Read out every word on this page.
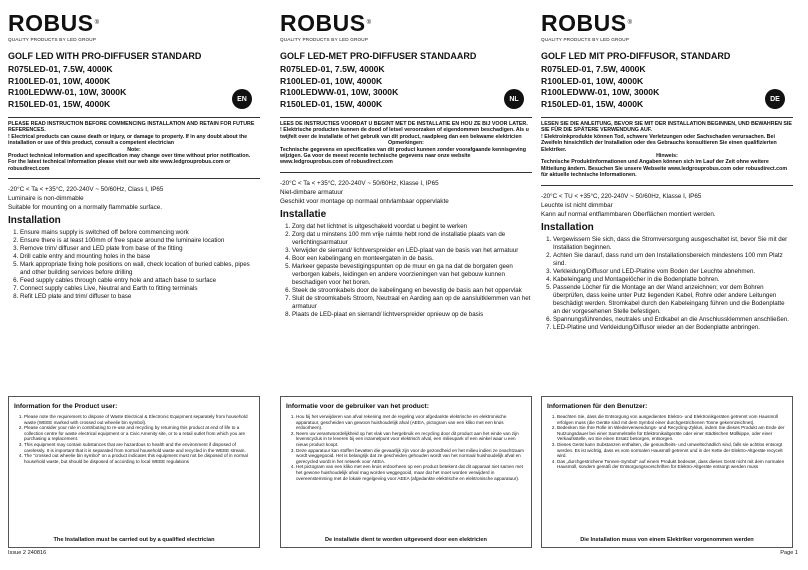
ROBUS®
QUALITY PRODUCTS BY LED GROUP
GOLF LED WITH PRO-DIFFUSER STANDARD
R075LED-01, 7.5W, 4000K
R100LED-01, 10W, 4000K
R100LEDWW-01, 10W, 3000K
R150LED-01, 15W, 4000K	EN
PLEASE READ INSTRUCTION BEFORE COMMENCING INSTALLATION AND RETAIN FOR FUTURE REFERENCES.
! Electrical products can cause death or injury, or damage to property. If in any doubt about the installation or use of this product, consult a competent electrician
Note:
Product technical information and specification may change over time without prior notification. For the latest technical information please visit our web site www.ledgrouprobus.com or robusdirect.com
-20°C < Ta < +35°C, 220-240V ~ 50/60Hz, Class I, IP65
Luminaire is non-dimmable
Suitable for mounting on a normally flammable surface.
Installation
1. Ensure mains supply is switched off before commencing work
2. Ensure there is at least 100mm of free space around the luminaire location
3. Remove trim/ diffuser and LED plate from base of the fitting
4. Drill cable entry and mounting holes in the base
5. Mark appropriate fixing hole positions on wall, check location of buried cables, pipes and other building services before drilling
6. Feed supply cables through cable entry hole and attach base to surface
7. Connect supply cables Live, Neutral and Earth to fitting terminals
8. Refit LED plate and trim/ diffuser to base
ROBUS®
QUALITY PRODUCTS BY LED GROUP
GOLF LED-MET PRO-DIFFUSER STANDAARD
R075LED-01, 7.5W, 4000K
R100LED-01, 10W, 4000K
R100LEDWW-01, 10W, 3000K
R150LED-01, 15W, 4000K	NL
LEES DE INSTRUCTIES VOORDAT U BEGINT MET DE INSTALLATIE EN HOU ZE BIJ VOOR LATER.
! Elektrische producten kunnen de dood of letsel veroorzaken of eigendommen beschadigen. Als u twijfelt over de installatie of het gebruik van dit product, raadpleeg dan een bekwame elektricien
Opmerkingen:
Technische gegevens en specificaties van dit product kunnen zonder voorafgaande kennisgeving wijzigen. Ga voor de meest recente technische gegevens naar onze website www.ledgrouprobus.com of robusdirect.com
-20°C < Ta < +35°C, 220-240V ~ 50/60Hz, Klasse I, IP65
Niet-dimbare armatuur
Geschikt voor montage op normaal ontvlambaar oppervlakte
Installatie
1. Zorg dat het lichtnet is uitgeschakeld voordat u begint te werken
2. Zorg dat u minstens 100 mm vrije ruimte hebt rond de installatie plaats van de verlichtingsarmatuur
3. Verwijder de sierrand/ lichtverspreider en LED-plaat van de basis van het armatuur
4. Boor een kabelingang en monteergaten in de basis.
5. Markeer gepaste bevestigingspunten op de muur en ga na dat de borgaten geen verborgen kabels, leidingen en andere voorzieningen van het gebouw kunnen beschadigen voor het boren.
6. Steek de stroomkabels door de kabelingang en bevestig de basis aan het oppervlak
7. Sluit de stroomkabels Stroom, Neutraal en Aarding aan op de aansluitklemmen van het armatuur
8. Plaats de LED-plaat en sierrand/ lichtverspreider opnieuw op de basis
ROBUS®
QUALITY PRODUCTS BY LED GROUP
GOLF LED MIT PRO-DIFFUSOR, STANDARD
R075LED-01, 7.5W, 4000K
R100LED-01, 10W, 4000K
R100LEDWW-01, 10W, 3000K
R150LED-01, 15W, 4000K	DE
LESEN SIE DIE ANLEITUNG, BEVOR SIE MIT DER INSTALLATION BEGINNEN, UND BEWAHREN SIE SIE FÜR DIE SPÄTERE VERWENDUNG AUF.
! Elektroinkprodukte können Tod, schwere Verletzungen oder Sachschaden verursachen. Bei Zweifeln hinsichtlich der Installation oder des Gebrauchs konsultieren Sie einen qualifizierten Elektriker.
Hinweis:
Technische Produktinformationen und Angaben können sich im Lauf der Zeit ohne weitere Mitteilung ändern. Besuchen Sie unsere Webseite www.ledgrouprobus.com oder robusdirect.com für aktuelle technische Informationen.
-20°C < TU < +35°C, 220-240V ~ 50/60Hz, Klasse I, IP65
Leuchte ist nicht dimmbar
Kann auf normal entflammbaren Oberflächen montiert werden.
Installation
1. Vergewissern Sie sich, dass die Stromversorgung ausgeschaltet ist, bevor Sie mit der Installation beginnen.
2. Achten Sie darauf, dass rund um den Installationsbereich mindestens 100 mm Platz sind.
3. Verkleidung/Diffusor und LED-Platine vom Boden der Leuchte abnehmen.
4. Kabeleingang und Montagelöcher in die Bodenplatte bohren.
5. Passende Löcher für die Montage an der Wand anzeichnen; vor dem Bohren überprüfen, dass keine unter Putz liegenden Kabel, Rohre oder andere Leitungen beschädigt werden. Stromkabel durch den Kabeleingang führen und die Bodenplatte an der vorgesehenen Stelle befestigen.
6. Spannungsführendes, neutrales und Erdkabel an die Anschlussklemmen anschließen.
7. LED-Platine und Verkleidung/Diffusor wieder an der Bodenplatte anbringen.
Information for the Product user:
1. Please note the requirement to dispose of Waste Electrical & Electronic Equipment separately from household waste (WEEE marked with crossed out wheelie bin symbol).
2. Please consider your role in contributing to re-use and recycling by returning this product at end of life to a collection centre for waste electrical equipment or a Civic Amenity site, or to a retail outlet from which you are purchasing a replacement.
3. This equipment may contain substances that are hazardous to health and the environment if disposed of carelessly. It is important that it is separated from normal household waste and recycled in the WEEE stream.
4. The "crossed out wheelie bin symbol" on a product indicates this equipment must not be disposed of in normal household waste, but should be disposed of according to local WEEE regulations
The Installation must be carried out by a qualified electrician
Informatie voor de gebruiker van het product:
1. Hou bij het verwijderen van afval rekening met de regeling voor afgedankte elektrische en elektronische apparatuur, gescheiden van gewoon huishoudelijk afval (AEEA, pictogram van een kliko met een kruis erdoorheen).
2. Neem uw verantwoordelijkheid op het vlak van hergebruik en recycling door dit product aan het einde van zijn levenscyclus in te leveren bij een inzamelpunt voor elektrisch afval, een milieupark of een winkel waar u een nieuw product koopt.
3. Deze apparatuur kan stoffen bevatten die gevaarlijk zijn voor de gezondheid en het milieu indien ze onachtzaam wordt weggegooid. Het is belangrijk dat ze gescheiden gehouden wordt van het normaal huishoudelijk afval en gerecycled wordt in het netwerk voor AEEA.
4. Het pictogram van een kliko met een kruis erdoorheen op een product betekent dat dit apparaat niet samen met het gewone huishoudelijk afval mag worden weggegooid, maar dat het moet worden verwijderd in overeenstemming met de lokale regelgeving voor AEEA (afgedankte elektrische en elektronische apparatuur).
De installatie dient te worden uitgevoerd door een elektricien
Informationen für den Benutzer:
1. Beachten Sie, dass die Entsorgung von ausgedienten Elektro- und Elektronikgeräten getrennt vom Hausmüll erfolgen muss (die Geräte sind mit dem Symbol einer durchgestrichenen Tonne gekennzeichnet).
2. Bedenken Sie Ihre Rolle im Wiederverwendungs- und Recycling-Zyklus, indem Sie dieses Produkt am Ende der Nutzungsdauer bei einer Sammelstelle für Elektronikaltgeräte oder einer städtischen Müllkippe, oder einer Verkaufsstelle, wo Sie einen Ersatz besorgen, entsorgen.
3. Dieses Gerät kann Substanzen enthalten, die gesundheits- und umweltschädlich sind, falls sie achtlos entsorgt werden. Es ist wichtig, dass es vom normalen Hausmüll getrennt und in der Kette der Elektro-Altgeräte recycelt wird.
4. Das „durchgestrichene Tonnen-Symbol“ auf einem Produkt bedeutet, dass dieses Gerät nicht mit dem normalen Hausmüll, sondern gemäß der Entsorgungsvorschriften für Elektro-Altgeräte entsorgt werden muss
Die Installation muss von einem Elektriker vorgenommen werden
Issue 2 240816	Page 1
